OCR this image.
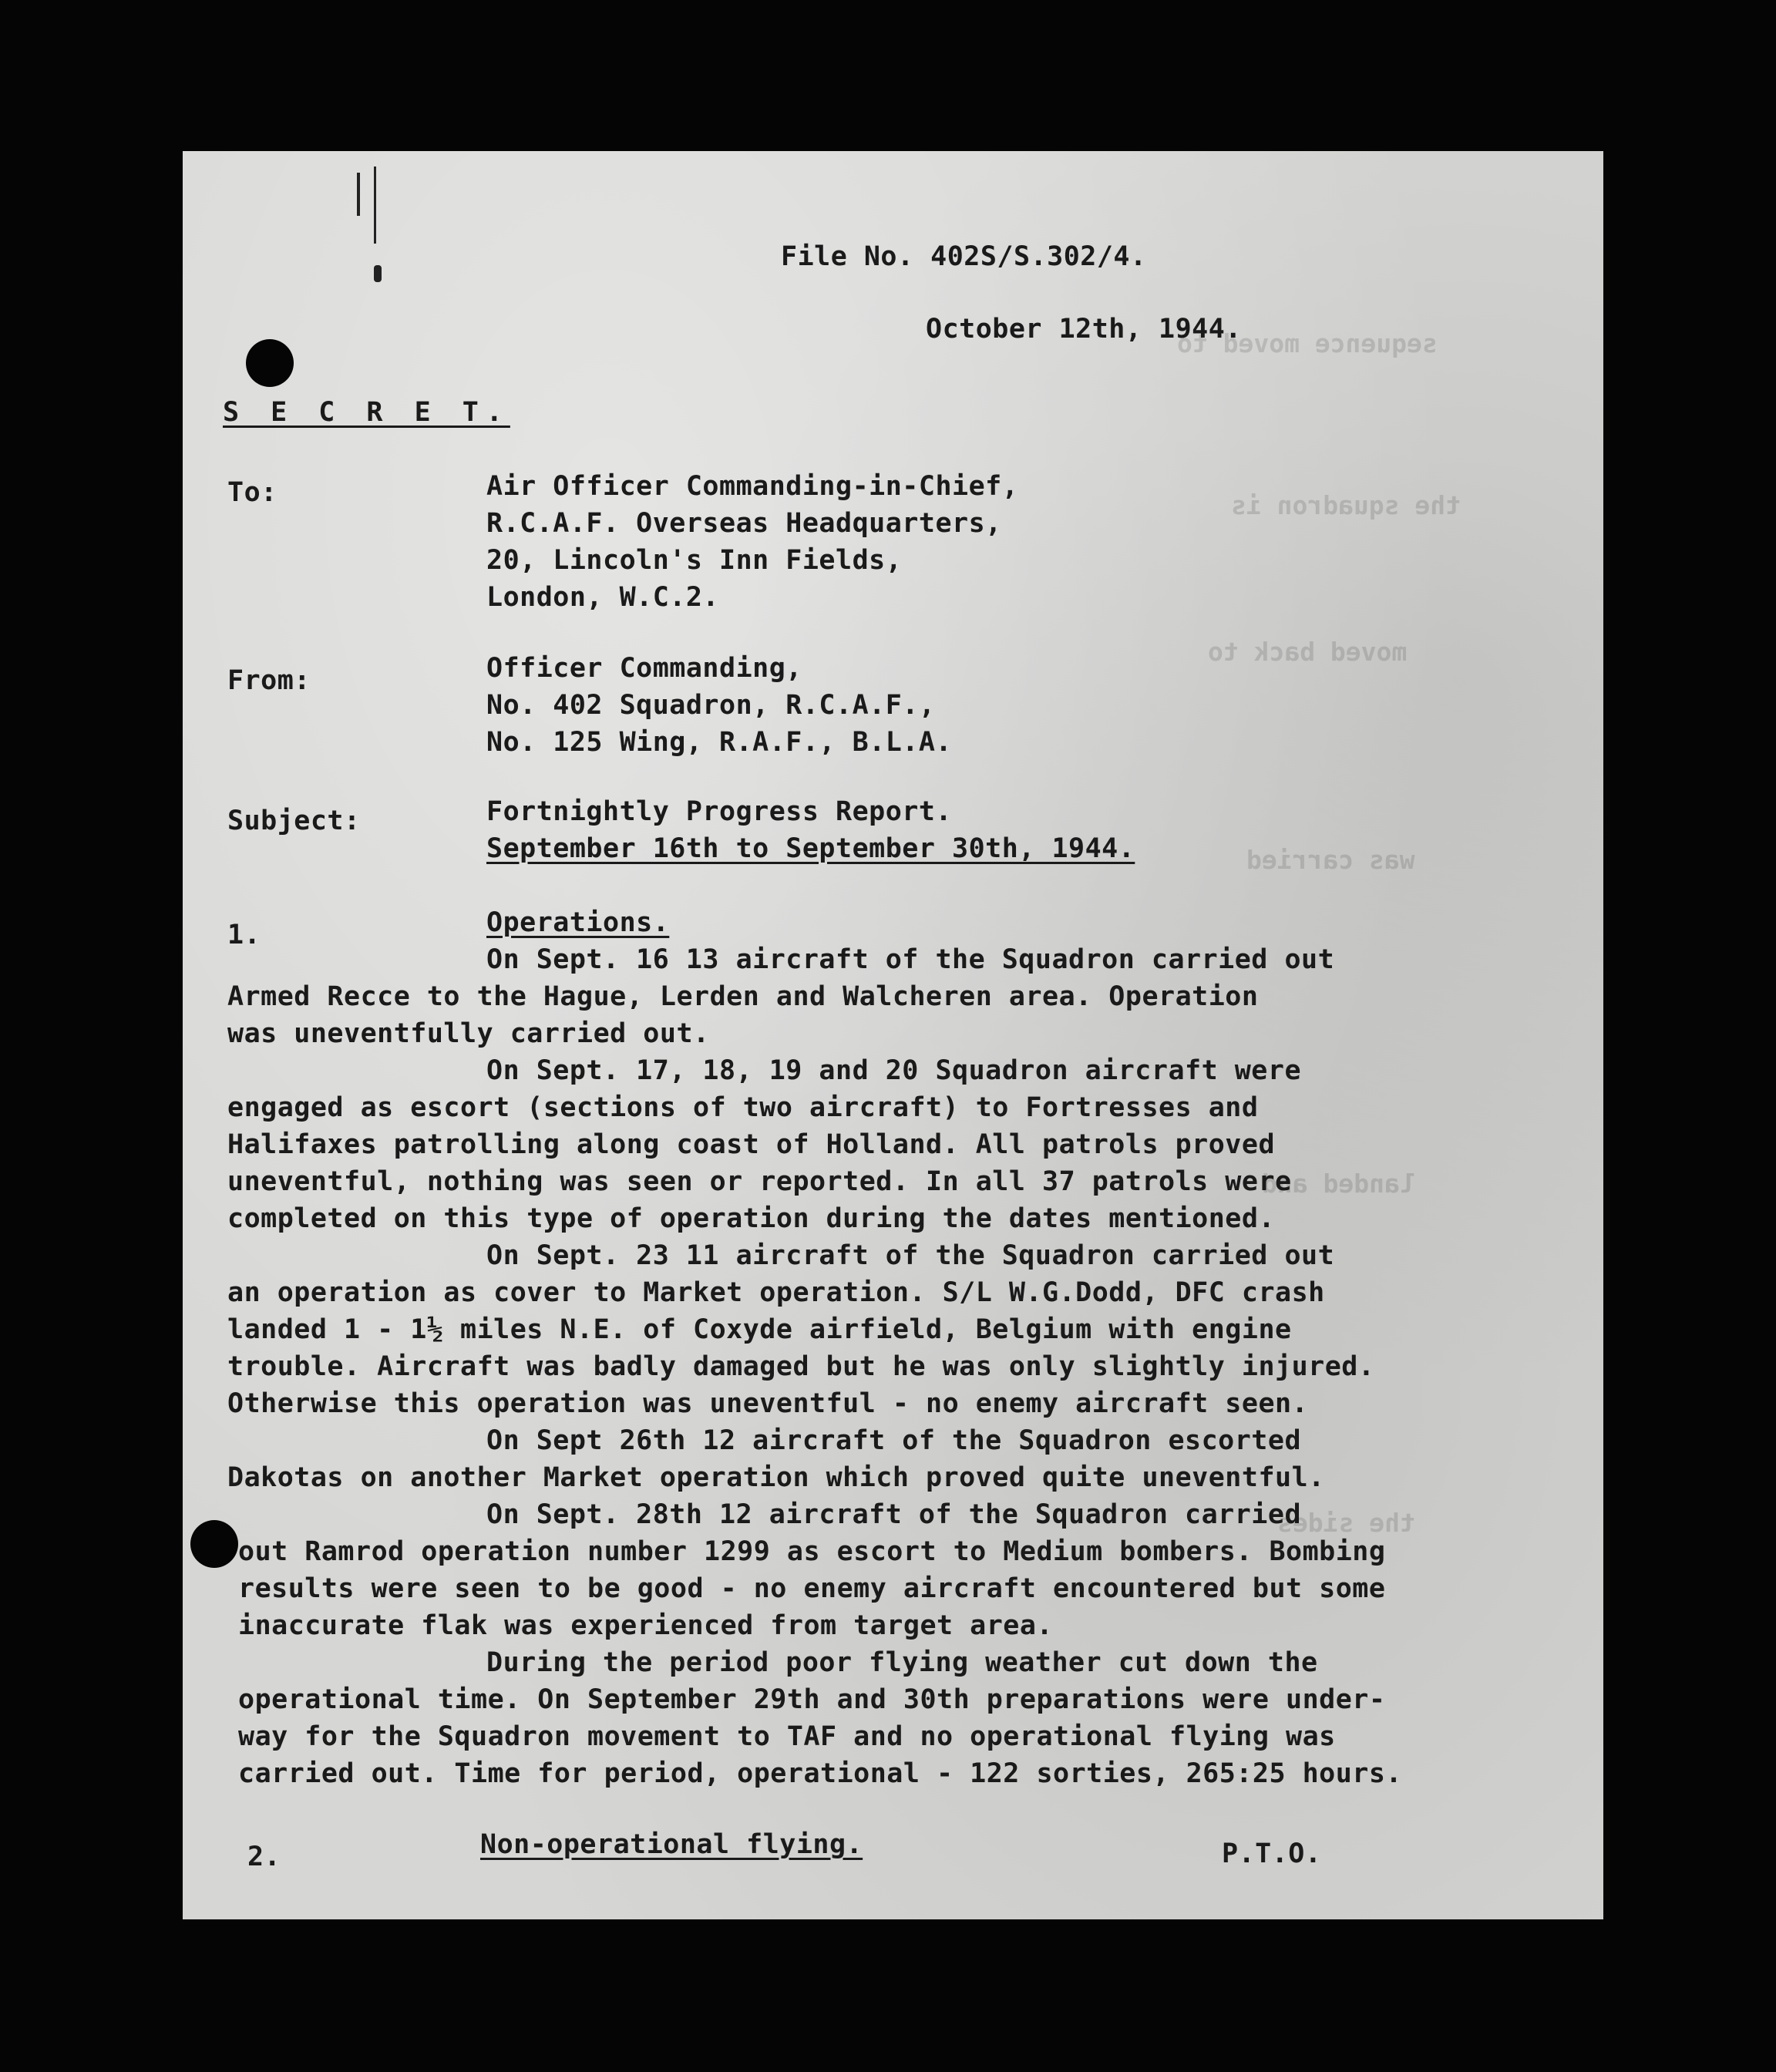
sequence moved to
the squadron is
moved back to
was carried
landed and
the sides
File No. 402S/S.302/4.
October 12th, 1944.
S E C R E T.
To:	Air Officer Commanding-in-Chief,
R.C.A.F. Overseas Headquarters,
20, Lincoln's Inn Fields,
London, W.C.2.
From:	Officer Commanding,
No. 402 Squadron, R.C.A.F.,
No. 125 Wing, R.A.F., B.L.A.
Subject:	Fortnightly Progress Report.
September 16th to September 30th, 1944.
1.	Operations.
On Sept. 16 13 aircraft of the Squadron carried out
Armed Recce to the Hague, Lerden and Walcheren area. Operation
was uneventfully carried out.
On Sept. 17, 18, 19 and 20 Squadron aircraft were
engaged as escort (sections of two aircraft) to Fortresses and
Halifaxes patrolling along coast of Holland. All patrols proved
uneventful, nothing was seen or reported. In all 37 patrols were
completed on this type of operation during the dates mentioned.
On Sept. 23 11 aircraft of the Squadron carried out
an operation as cover to Market operation. S/L W.G.Dodd, DFC crash
landed 1 - 1½ miles N.E. of Coxyde airfield, Belgium with engine
trouble. Aircraft was badly damaged but he was only slightly injured.
Otherwise this operation was uneventful - no enemy aircraft seen.
On Sept 26th 12 aircraft of the Squadron escorted
Dakotas on another Market operation which proved quite uneventful.
On Sept. 28th 12 aircraft of the Squadron carried
out Ramrod operation number 1299 as escort to Medium bombers. Bombing
results were seen to be good - no enemy aircraft encountered but some
inaccurate flak was experienced from target area.
During the period poor flying weather cut down the
operational time. On September 29th and 30th preparations were under-
way for the Squadron movement to TAF and no operational flying was
carried out. Time for period, operational - 122 sorties, 265:25 hours.
2.	Non-operational flying.	P.T.O.
